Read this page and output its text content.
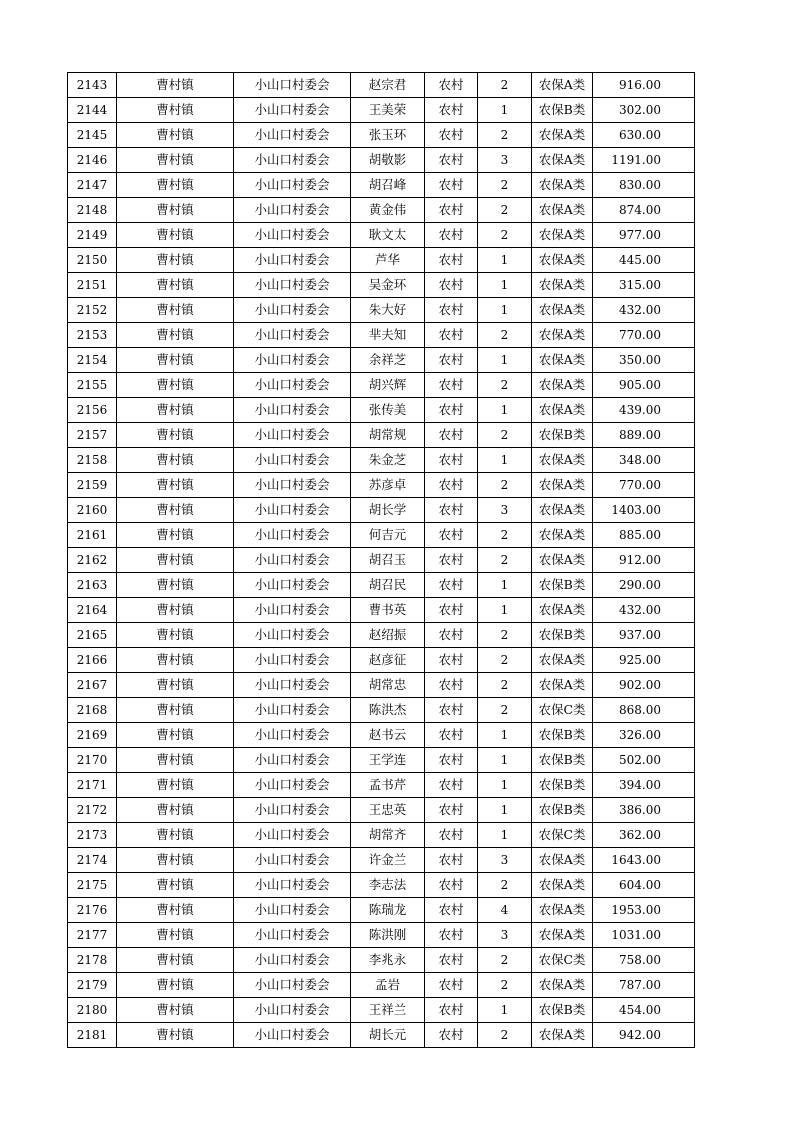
2143	曹村镇	小山口村委会	赵宗君	农村	2	农保A类	916.00
2144	曹村镇	小山口村委会	王美荣	农村	1	农保B类	302.00
2145	曹村镇	小山口村委会	张玉环	农村	2	农保A类	630.00
2146	曹村镇	小山口村委会	胡敬影	农村	3	农保A类	1191.00
2147	曹村镇	小山口村委会	胡召峰	农村	2	农保A类	830.00
2148	曹村镇	小山口村委会	黄金伟	农村	2	农保A类	874.00
2149	曹村镇	小山口村委会	耿文太	农村	2	农保A类	977.00
2150	曹村镇	小山口村委会	芦华	农村	1	农保A类	445.00
2151	曹村镇	小山口村委会	吴金环	农村	1	农保A类	315.00
2152	曹村镇	小山口村委会	朱大好	农村	1	农保A类	432.00
2153	曹村镇	小山口村委会	芈夫知	农村	2	农保A类	770.00
2154	曹村镇	小山口村委会	余祥芝	农村	1	农保A类	350.00
2155	曹村镇	小山口村委会	胡兴辉	农村	2	农保A类	905.00
2156	曹村镇	小山口村委会	张传美	农村	1	农保A类	439.00
2157	曹村镇	小山口村委会	胡常规	农村	2	农保B类	889.00
2158	曹村镇	小山口村委会	朱金芝	农村	1	农保A类	348.00
2159	曹村镇	小山口村委会	苏彦卓	农村	2	农保A类	770.00
2160	曹村镇	小山口村委会	胡长学	农村	3	农保A类	1403.00
2161	曹村镇	小山口村委会	何吉元	农村	2	农保A类	885.00
2162	曹村镇	小山口村委会	胡召玉	农村	2	农保A类	912.00
2163	曹村镇	小山口村委会	胡召民	农村	1	农保B类	290.00
2164	曹村镇	小山口村委会	曹书英	农村	1	农保A类	432.00
2165	曹村镇	小山口村委会	赵绍振	农村	2	农保B类	937.00
2166	曹村镇	小山口村委会	赵彦征	农村	2	农保A类	925.00
2167	曹村镇	小山口村委会	胡常忠	农村	2	农保A类	902.00
2168	曹村镇	小山口村委会	陈洪杰	农村	2	农保C类	868.00
2169	曹村镇	小山口村委会	赵书云	农村	1	农保B类	326.00
2170	曹村镇	小山口村委会	王学连	农村	1	农保B类	502.00
2171	曹村镇	小山口村委会	孟书芹	农村	1	农保B类	394.00
2172	曹村镇	小山口村委会	王忠英	农村	1	农保B类	386.00
2173	曹村镇	小山口村委会	胡常齐	农村	1	农保C类	362.00
2174	曹村镇	小山口村委会	许金兰	农村	3	农保A类	1643.00
2175	曹村镇	小山口村委会	李志法	农村	2	农保A类	604.00
2176	曹村镇	小山口村委会	陈瑞龙	农村	4	农保A类	1953.00
2177	曹村镇	小山口村委会	陈洪刚	农村	3	农保A类	1031.00
2178	曹村镇	小山口村委会	李兆永	农村	2	农保C类	758.00
2179	曹村镇	小山口村委会	孟岩	农村	2	农保A类	787.00
2180	曹村镇	小山口村委会	王祥兰	农村	1	农保B类	454.00
2181	曹村镇	小山口村委会	胡长元	农村	2	农保A类	942.00
